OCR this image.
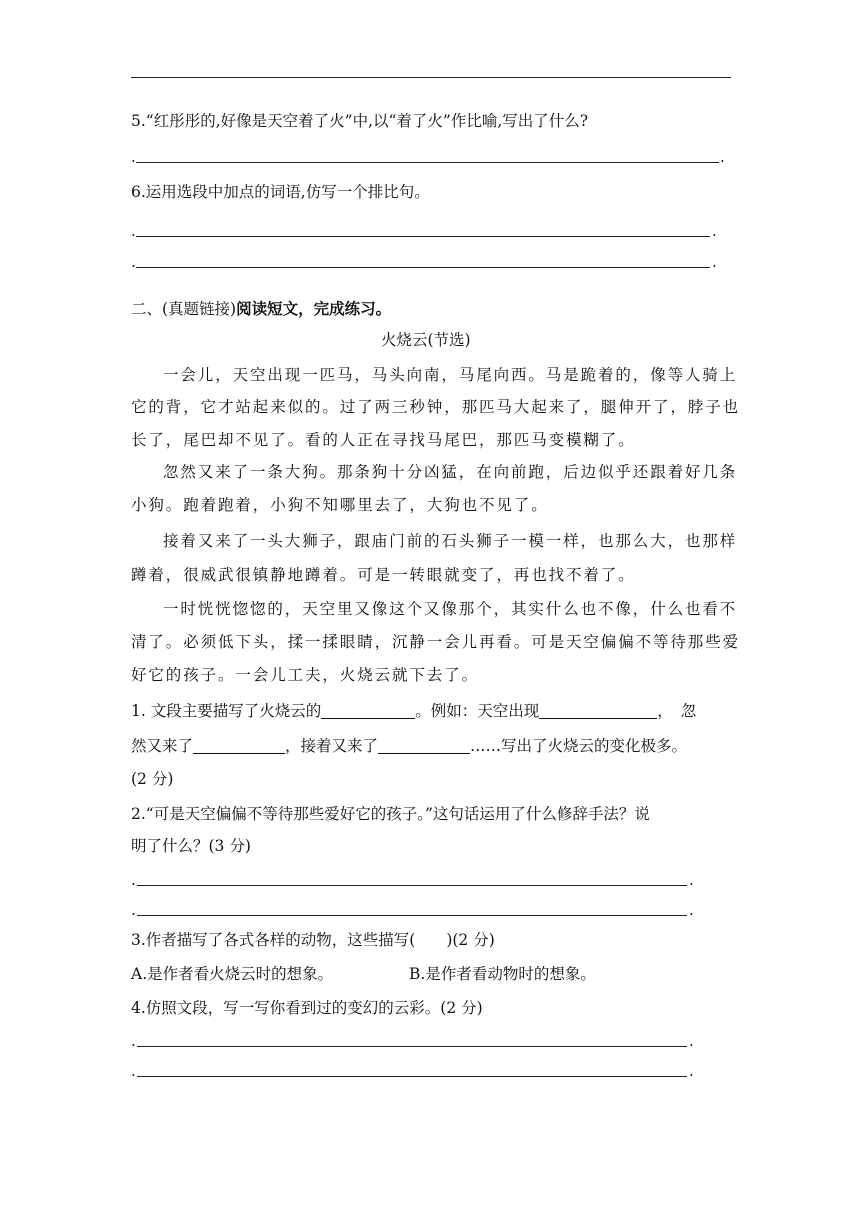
5.“红彤彤的,好像是天空着了火”中,以“着了火”作比喻,写出了什么?
.	.
6.运用选段中加点的词语,仿写一个排比句。
.	.
.	.
二、(真题链接)阅读短文，完成练习。
火烧云(节选)
一会儿，天空出现一匹马，马头向南，马尾向西。马是跪着的，像等人骑上
它的背，它才站起来似的。过了两三秒钟，那匹马大起来了，腿伸开了，脖子也
长了，尾巴却不见了。看的人正在寻找马尾巴，那匹马变模糊了。
忽然又来了一条大狗。那条狗十分凶猛，在向前跑，后边似乎还跟着好几条
小狗。跑着跑着，小狗不知哪里去了，大狗也不见了。
接着又来了一头大狮子，跟庙门前的石头狮子一模一样，也那么大，也那样
蹲着，很威武很镇静地蹲着。可是一转眼就变了，再也找不着了。
一时恍恍惚惚的，天空里又像这个又像那个，其实什么也不像，什么也看不
清了。必须低下头，揉一揉眼睛，沉静一会儿再看。可是天空偏偏不等待那些爱
好它的孩子。一会儿工夫，火烧云就下去了。
1. 文段主要描写了火烧云的	。例如：天空出现	，忽
然又来了	，接着又来了	……写出了火烧云的变化极多。
(2 分)
2.“可是天空偏偏不等待那些爱好它的孩子。”这句话运用了什么修辞手法？说
明了什么？(3 分)
.	.
.	.
3.作者描写了各式各样的动物，这些描写(　　)(2 分)
A.是作者看火烧云时的想象。	B.是作者看动物时的想象。
4.仿照文段，写一写你看到过的变幻的云彩。(2 分)
.	.
.	.
